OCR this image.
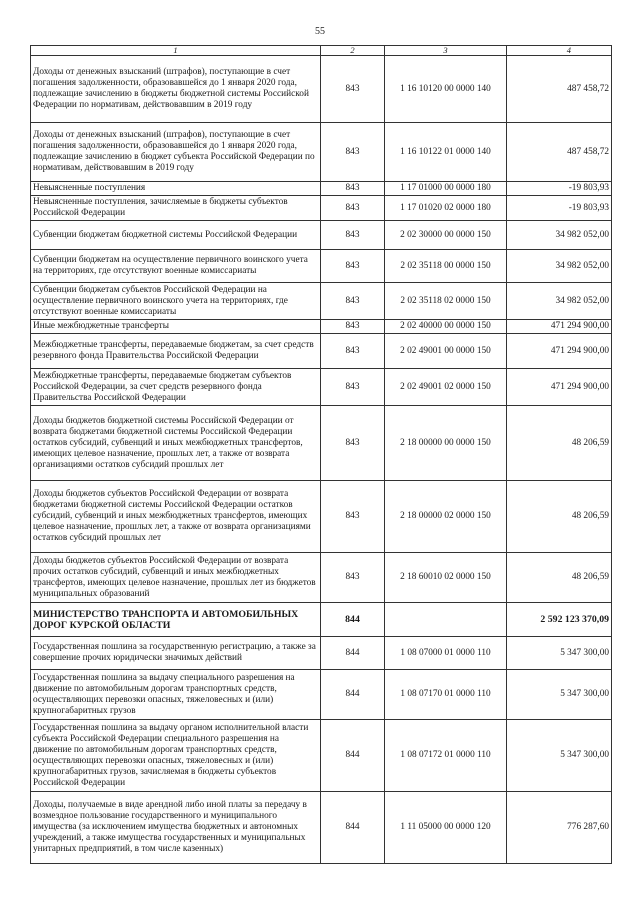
55
1	2	3	4
Доходы от денежных взысканий (штрафов), поступающие в счет погашения задолженности, образовавшейся до 1 января 2020 года, подлежащие зачислению в бюджеты бюджетной системы Российской Федерации по нормативам, действовавшим в 2019 году	843	1 16 10120 00 0000 140	487 458,72
Доходы от денежных взысканий (штрафов), поступающие в счет погашения задолженности, образовавшейся до 1 января 2020 года, подлежащие зачислению в бюджет субъекта Российской Федерации по нормативам, действовавшим в 2019 году	843	1 16 10122 01 0000 140	487 458,72
Невыясненные поступления	843	1 17 01000 00 0000 180	-19 803,93
Невыясненные поступления, зачисляемые в бюджеты субъектов Российской Федерации	843	1 17 01020 02 0000 180	-19 803,93
Субвенции бюджетам бюджетной системы Российской Федерации	843	2 02 30000 00 0000 150	34 982 052,00
Субвенции бюджетам на осуществление первичного воинского учета на территориях, где отсутствуют военные комиссариаты	843	2 02 35118 00 0000 150	34 982 052,00
Субвенции бюджетам субъектов Российской Федерации на осуществление первичного воинского учета на территориях, где отсутствуют военные комиссариаты	843	2 02 35118 02 0000 150	34 982 052,00
Иные межбюджетные трансферты	843	2 02 40000 00 0000 150	471 294 900,00
Межбюджетные трансферты, передаваемые бюджетам, за счет средств резервного фонда Правительства Российской Федерации	843	2 02 49001 00 0000 150	471 294 900,00
Межбюджетные трансферты, передаваемые бюджетам субъектов Российской Федерации, за счет средств резервного фонда Правительства Российской Федерации	843	2 02 49001 02 0000 150	471 294 900,00
Доходы бюджетов бюджетной системы Российской Федерации от возврата бюджетами бюджетной системы Российской Федерации остатков субсидий, субвенций и иных межбюджетных трансфертов, имеющих целевое назначение, прошлых лет, а также от возврата организациями остатков субсидий прошлых лет	843	2 18 00000 00 0000 150	48 206,59
Доходы бюджетов субъектов Российской Федерации от возврата бюджетами бюджетной системы Российской Федерации остатков субсидий, субвенций и иных межбюджетных трансфертов, имеющих целевое назначение, прошлых лет, а также от возврата организациями остатков субсидий прошлых лет	843	2 18 00000 02 0000 150	48 206,59
Доходы бюджетов субъектов Российской Федерации от возврата прочих остатков субсидий, субвенций и иных межбюджетных трансфертов, имеющих целевое назначение, прошлых лет из бюджетов муниципальных образований	843	2 18 60010 02 0000 150	48 206,59
МИНИСТЕРСТВО ТРАНСПОРТА И АВТОМОБИЛЬНЫХ ДОРОГ КУРСКОЙ ОБЛАСТИ	844		2 592 123 370,09
Государственная пошлина за государственную регистрацию, а также за совершение прочих юридически значимых действий	844	1 08 07000 01 0000 110	5 347 300,00
Государственная пошлина за выдачу специального разрешения на движение по автомобильным дорогам транспортных средств, осуществляющих перевозки опасных, тяжеловесных и (или) крупногабаритных грузов	844	1 08 07170 01 0000 110	5 347 300,00
Государственная пошлина за выдачу органом исполнительной власти субъекта Российской Федерации специального разрешения на движение по автомобильным дорогам транспортных средств, осуществляющих перевозки опасных, тяжеловесных и (или) крупногабаритных грузов, зачисляемая в бюджеты субъектов Российской Федерации	844	1 08 07172 01 0000 110	5 347 300,00
Доходы, получаемые в виде арендной либо иной платы за передачу в возмездное пользование государственного и муниципального имущества (за исключением имущества бюджетных и автономных учреждений, а также имущества государственных и муниципальных унитарных предприятий, в том числе казенных)	844	1 11 05000 00 0000 120	776 287,60
